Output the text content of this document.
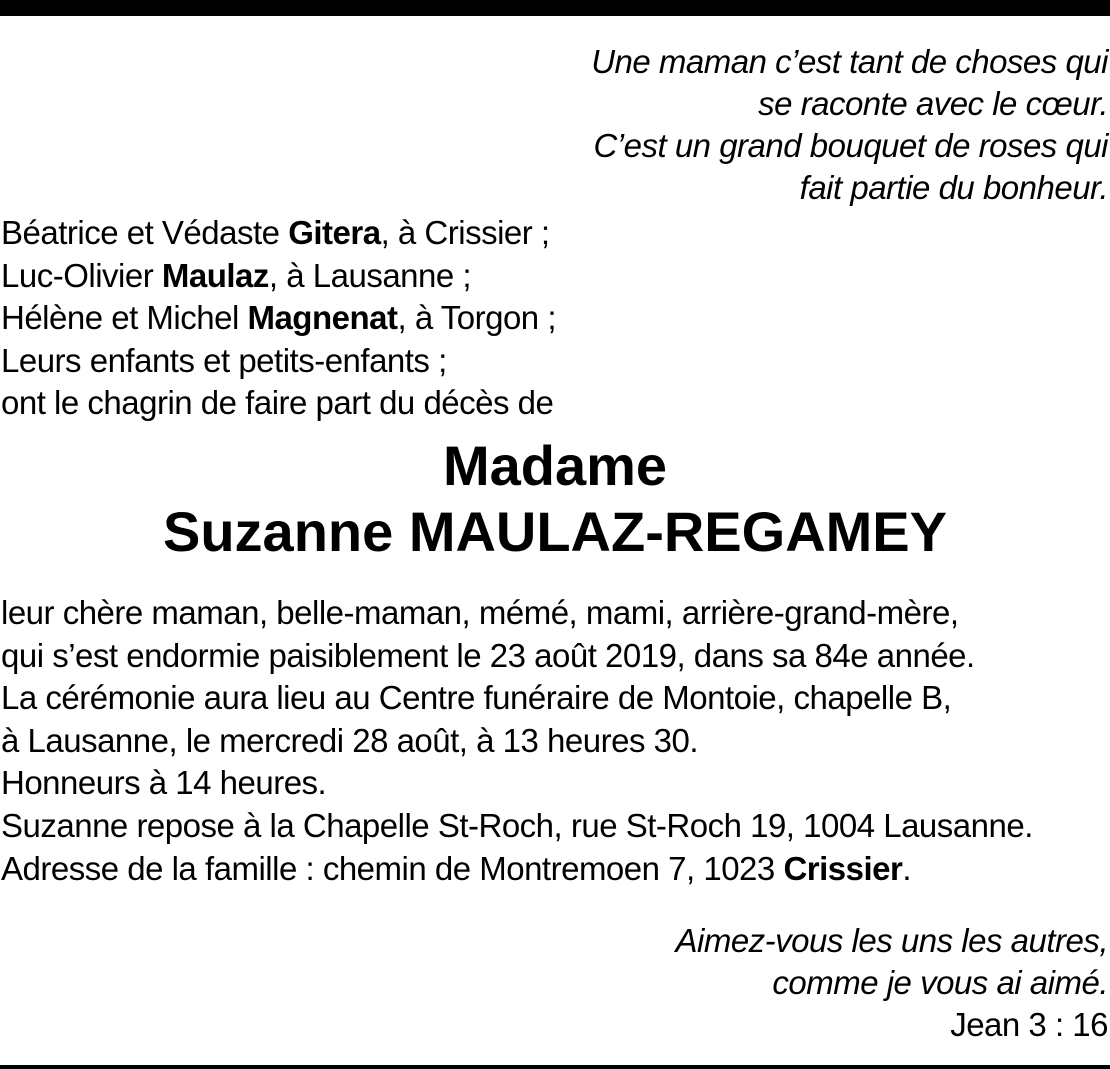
Une maman c’est tant de choses qui
se raconte avec le cœur.
C’est un grand bouquet de roses qui
fait partie du bonheur.
Béatrice et Védaste Gitera, à Crissier ;
Luc-Olivier Maulaz, à Lausanne ;
Hélène et Michel Magnenat, à Torgon ;
Leurs enfants et petits-enfants ;
ont le chagrin de faire part du décès de
Madame
Suzanne MAULAZ-REGAMEY
leur chère maman, belle-maman, mémé, mami, arrière-grand-mère,
qui s’est endormie paisiblement le 23 août 2019, dans sa 84e année.
La cérémonie aura lieu au Centre funéraire de Montoie, chapelle B,
à Lausanne, le mercredi 28 août, à 13 heures 30.
Honneurs à 14 heures.
Suzanne repose à la Chapelle St-Roch, rue St-Roch 19, 1004 Lausanne.
Adresse de la famille : chemin de Montremoen 7, 1023 Crissier.
Aimez-vous les uns les autres,
comme je vous ai aimé.
Jean 3 : 16
